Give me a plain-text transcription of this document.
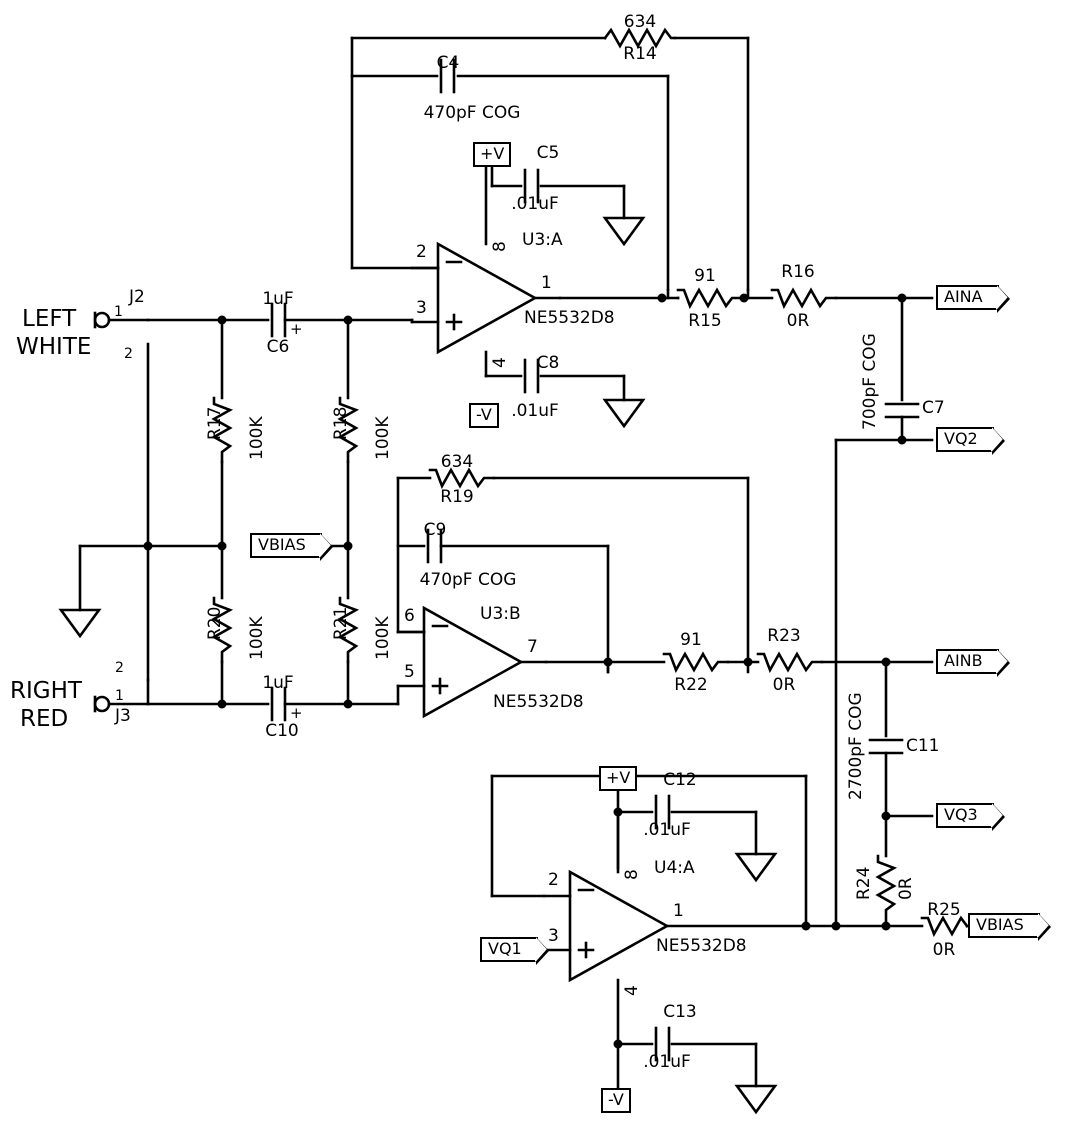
634
R14
C4
470pF COG
+V	C5
.01uF
U3:A
NE5532D8
2
3
1
8
4
-V
C8
.01uF
91
R15
R16
0R
AINA
700pF COG C7
VQ2
J2
LEFT
WHITE
1
2
1uF
C6
+
R17 100K	R18 100K
R20 100K	R21 100K
VBIAS
634
R19
C9
470pF COG
U3:B
NE5532D8
6
5
7	91
R22
R23
0R
AINB
2700pF COG C11
VQ3
R24 0R
R25
0R
VBIAS
J3
RIGHT
RED
1
2
1uF
C10
+
+V	C12
.01uF
U4:A
NE5532D8
2
3
1
8
4
VQ1
C13
.01uF
-V
